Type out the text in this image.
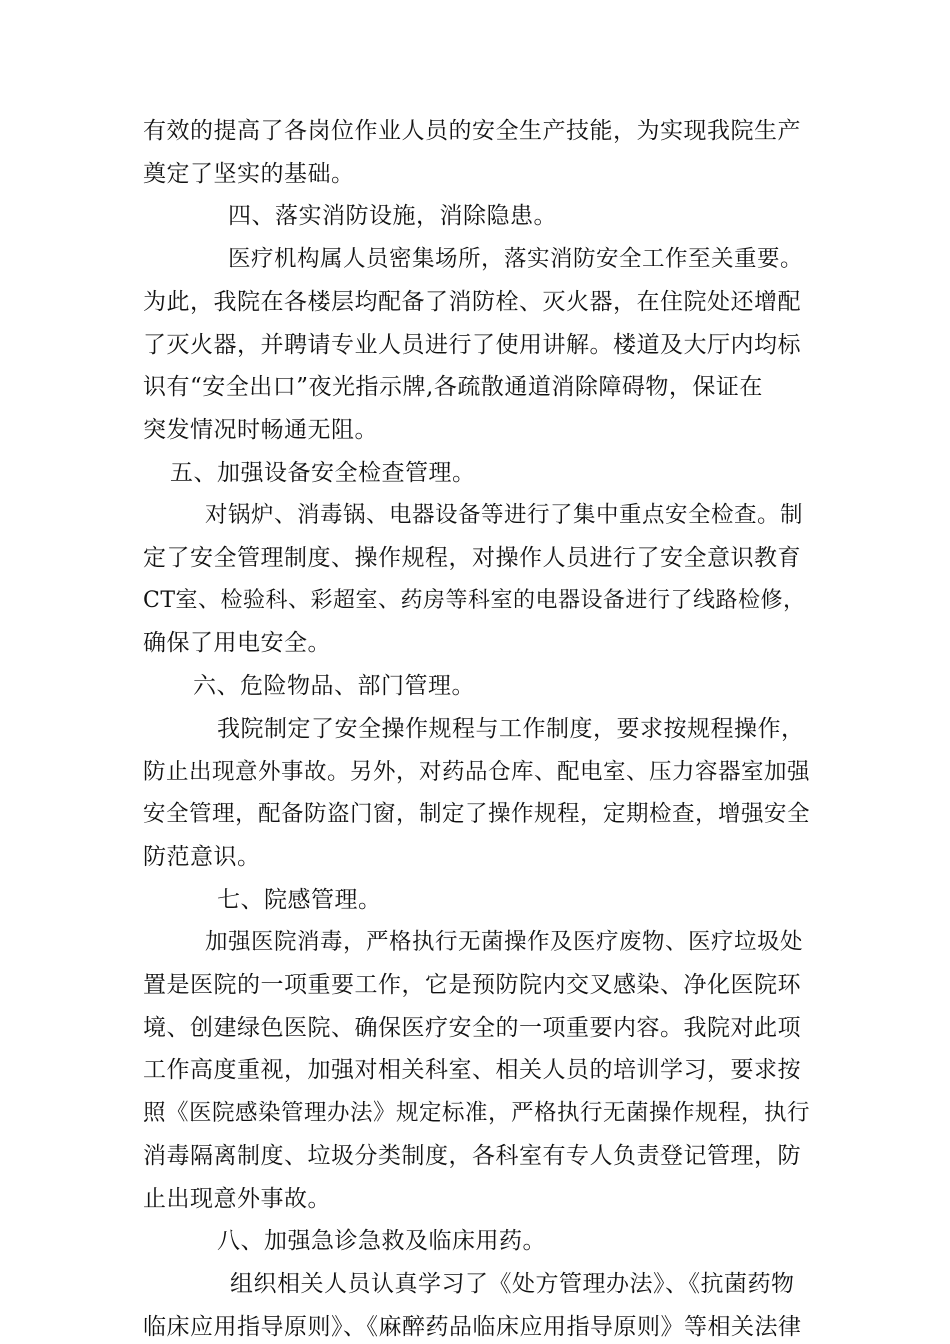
有效的提高了各岗位作业人员的安全生产技能，为实现我院生产
奠定了坚实的基础。
四、落实消防设施，消除隐患。
医疗机构属人员密集场所，落实消防安全工作至关重要。
为此，我院在各楼层均配备了消防栓、灭火器，在住院处还增配
了灭火器，并聘请专业人员进行了使用讲解。楼道及大厅内均标
识有“安全出口”夜光指示牌,各疏散通道消除障碍物，保证在
突发情况时畅通无阻。
五、加强设备安全检查管理。
对锅炉、消毒锅、电器设备等进行了集中重点安全检查。制
定了安全管理制度、操作规程，对操作人员进行了安全意识教育
CT室、检验科、彩超室、药房等科室的电器设备进行了线路检修，
确保了用电安全。
六、危险物品、部门管理。
我院制定了安全操作规程与工作制度，要求按规程操作，
防止出现意外事故。另外，对药品仓库、配电室、压力容器室加强
安全管理，配备防盗门窗，制定了操作规程，定期检查，增强安全
防范意识。
七、院感管理。
加强医院消毒，严格执行无菌操作及医疗废物、医疗垃圾处
置是医院的一项重要工作，它是预防院内交叉感染、净化医院环
境、创建绿色医院、确保医疗安全的一项重要内容。我院对此项
工作高度重视，加强对相关科室、相关人员的培训学习，要求按
照《医院感染管理办法》规定标准，严格执行无菌操作规程，执行
消毒隔离制度、垃圾分类制度，各科室有专人负责登记管理，防
止出现意外事故。
八、加强急诊急救及临床用药。
组织相关人员认真学习了《处方管理办法》、《抗菌药物
临床应用指导原则》、《麻醉药品临床应用指导原则》等相关法律
